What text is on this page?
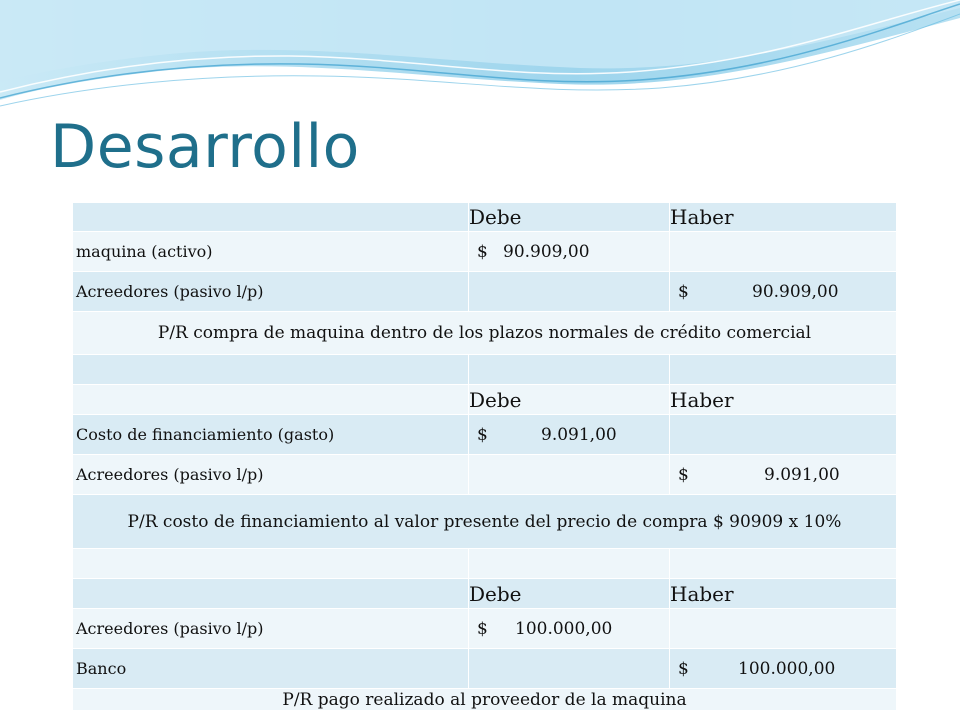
Desarrollo
	Debe	Haber
maquina (activo)	$ 90.909,00	
Acreedores (pasivo l/p)		$ 90.909,00
P/R compra de maquina dentro de los plazos normales de crédito comercial		

	Debe	Haber
Costo de financiamiento (gasto)	$ 9.091,00	
Acreedores (pasivo l/p)		$ 9.091,00
P/R costo de financiamiento al valor presente del precio de compra $ 90909 x 10%		

	Debe	Haber
Acreedores (pasivo l/p)	$ 100.000,00	
Banco		$ 100.000,00
P/R pago realizado al proveedor de la maquina		
